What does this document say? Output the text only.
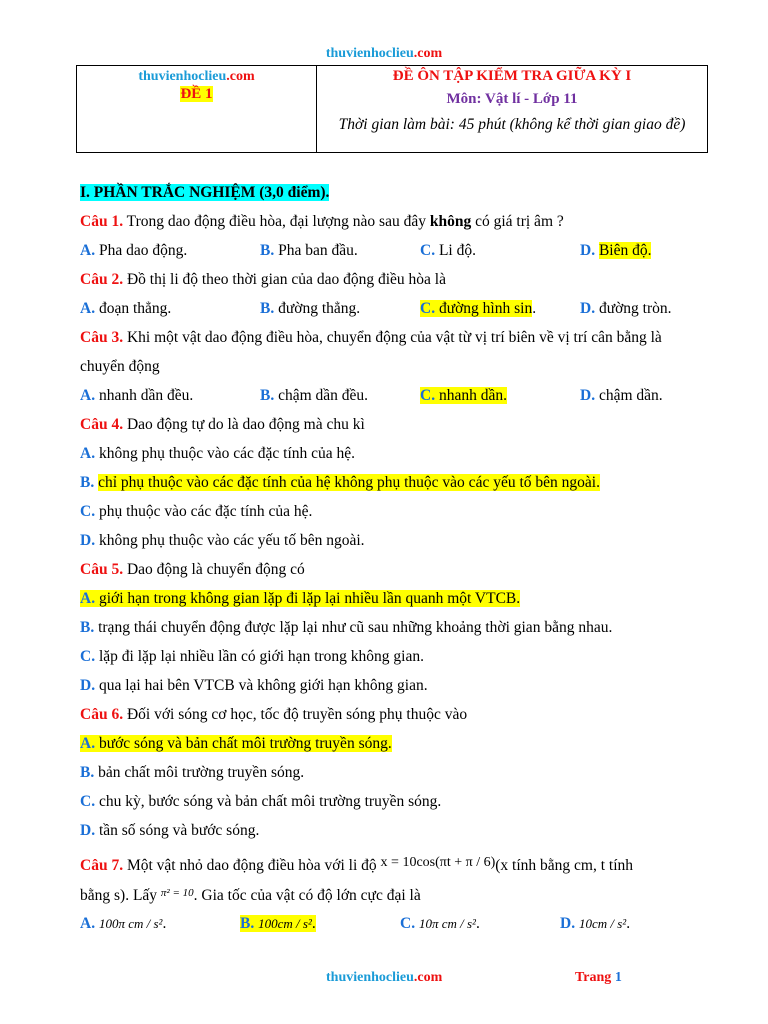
thuvienhoclieu.com
thuvienhoclieu.com
ĐỀ 1	
ĐỀ ÔN TẬP KIỂM TRA GIỮA KỲ I
Môn: Vật lí - Lớp 11
Thời gian làm bài: 45 phút (không kể thời gian giao đề)
I. PHẦN TRẮC NGHIỆM (3,0 điểm).
Câu 1. Trong dao động điều hòa, đại lượng nào sau đây không có giá trị âm ?
A. Pha dao động.	B. Pha ban đầu.	C. Li độ.	D. Biên độ.
Câu 2. Đồ thị li độ theo thời gian của dao động điều hòa là
A. đoạn thẳng.	B. đường thẳng.	C. đường hình sin.	D. đường tròn.
Câu 3. Khi một vật dao động điều hòa, chuyển động của vật từ vị trí biên về vị trí cân bằng là
chuyển động
A. nhanh dần đều.	B. chậm dần đều.	C. nhanh dần.	D. chậm dần.
Câu 4. Dao động tự do là dao động mà chu kì
A. không phụ thuộc vào các đặc tính của hệ.
B. chỉ phụ thuộc vào các đặc tính của hệ không phụ thuộc vào các yếu tố bên ngoài.
C. phụ thuộc vào các đặc tính của hệ.
D. không phụ thuộc vào các yếu tố bên ngoài.
Câu 5. Dao động là chuyển động có
A. giới hạn trong không gian lặp đi lặp lại nhiều lần quanh một VTCB.
B. trạng thái chuyển động được lặp lại như cũ sau những khoảng thời gian bằng nhau.
C. lặp đi lặp lại nhiều lần có giới hạn trong không gian.
D. qua lại hai bên VTCB và không giới hạn không gian.
Câu 6. Đối với sóng cơ học, tốc độ truyền sóng phụ thuộc vào
A. bước sóng và bản chất môi trường truyền sóng.
B. bản chất môi trường truyền sóng.
C. chu kỳ, bước sóng và bản chất môi trường truyền sóng.
D. tần số sóng và bước sóng.
Câu 7. Một vật nhỏ dao động điều hòa với li độ x = 10cos(πt + π / 6)(x tính bằng cm, t tính
bằng s). Lấy $^{\pi^2 = 10}$. Gia tốc của vật có độ lớn cực đại là
A. 100π cm / s².	B. 100cm / s².	C. 10π cm / s².	D. 10cm / s².
thuvienhoclieu.com	Trang 1
